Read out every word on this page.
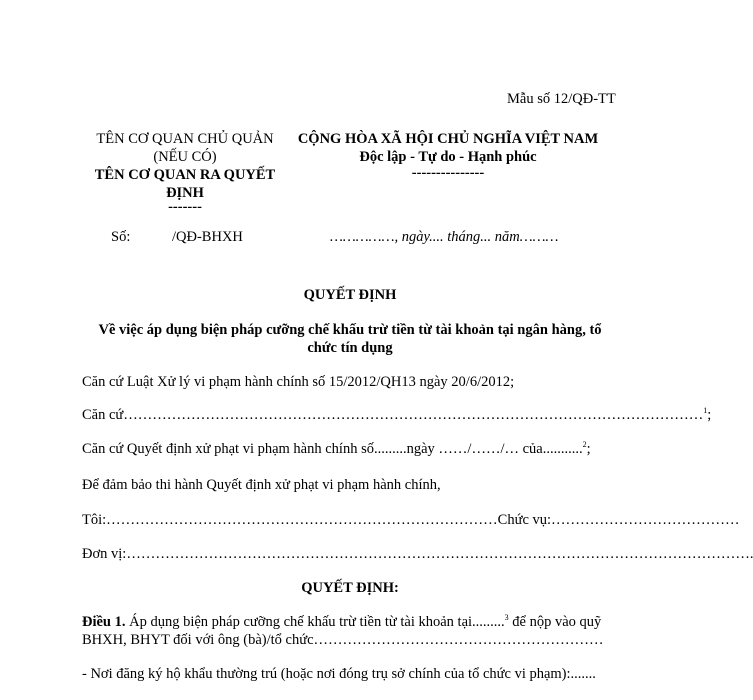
Mẫu số 12/QĐ-TT
TÊN CƠ QUAN CHỦ QUẢN
(NẾU CÓ)
TÊN CƠ QUAN RA QUYẾT
ĐỊNH
-------
CỘNG HÒA XÃ HỘI CHỦ NGHĨA VIỆT NAM
Độc lập - Tự do - Hạnh phúc
---------------
Số:	/QĐ-BHXH	……………, ngày.... tháng... năm………
QUYẾT ĐỊNH
Về việc áp dụng biện pháp cưỡng chế khấu trừ tiền từ tài khoản tại ngân hàng, tổ
chức tín dụng
Căn cứ Luật Xử lý vi phạm hành chính số 15/2012/QH13 ngày 20/6/2012;
Căn cứ…………………………………………………………………………………………………………$^1$;
Căn cứ Quyết định xử phạt vi phạm hành chính số.........ngày ……/……/… của...........$^2$;
Để đảm bảo thi hành Quyết định xử phạt vi phạm hành chính,
Tôi:………………………………………………………………………Chức vụ:…………………………………
Đơn vị:………………………………………………………………………………………………………………….
QUYẾT ĐỊNH:
Điều 1. Áp dụng biện pháp cưỡng chế khấu trừ tiền từ tài khoản tại.........$^3$ để nộp vào quỹ
BHXH, BHYT đối với ông (bà)/tổ chức……………………………………………………
- Nơi đăng ký hộ khẩu thường trú (hoặc nơi đóng trụ sở chính của tổ chức vi phạm):.......
